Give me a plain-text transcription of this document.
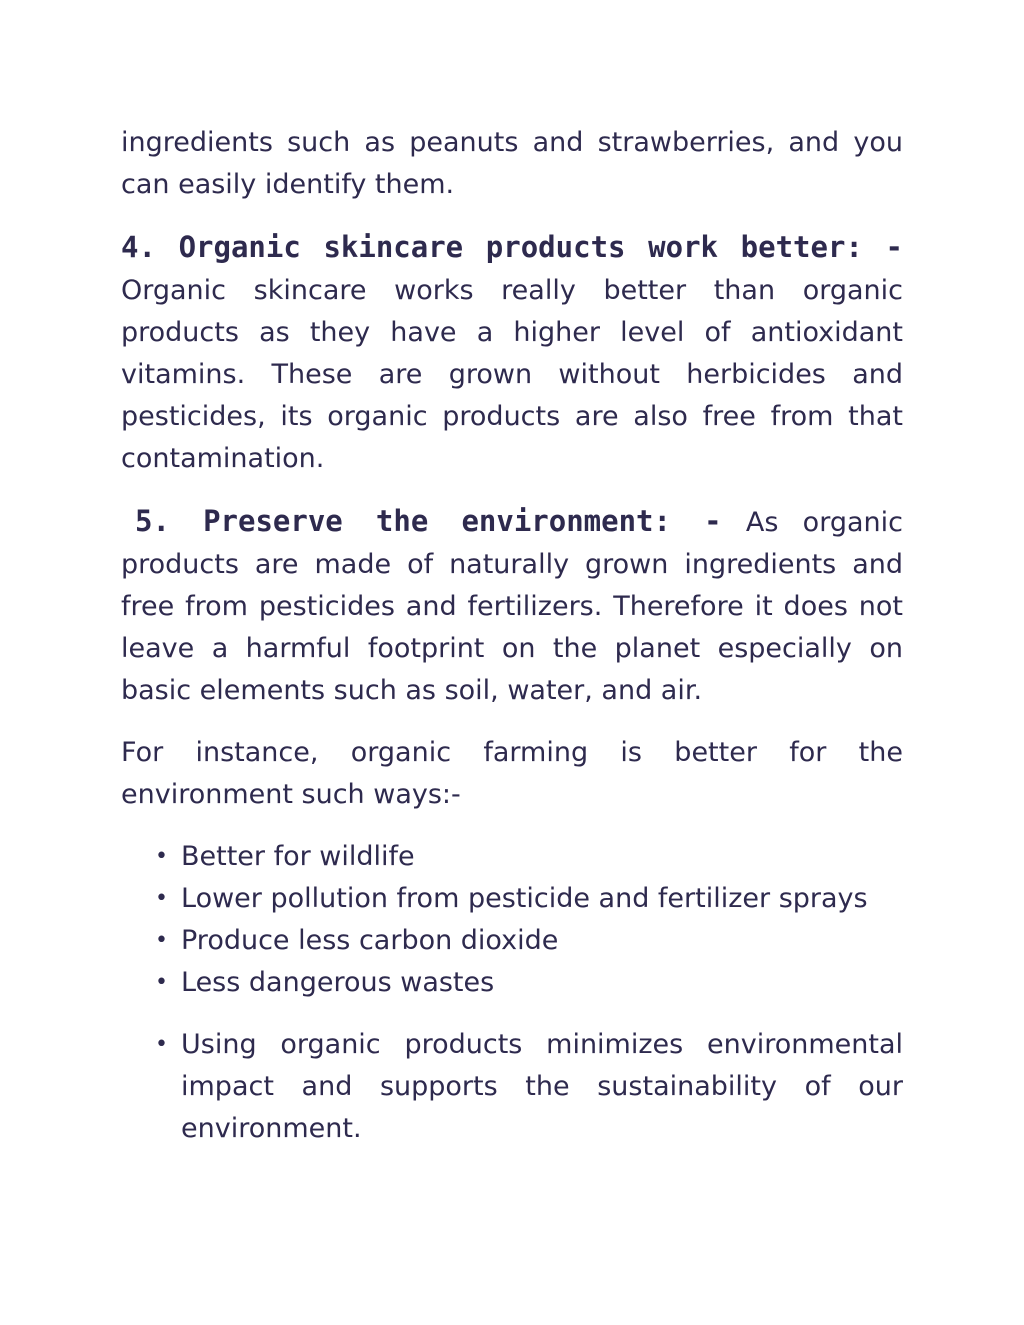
ingredients such as peanuts and strawberries, and you can easily identify them.

4. Organic skincare products work better: - Organic skincare works really better than organic products as they have a higher level of antioxidant vitamins. These are grown without herbicides and pesticides, its organic products are also free from that contamination.

5. Preserve the environment: - As organic products are made of naturally grown ingredients and free from pesticides and fertilizers. Therefore it does not leave a harmful footprint on the planet especially on basic elements such as soil, water, and air.

For instance, organic farming is better for the environment such ways:-

• Better for wildlife
• Lower pollution from pesticide and fertilizer sprays
• Produce less carbon dioxide
• Less dangerous wastes
• Using organic products minimizes environmental impact and supports the sustainability of our environment.
